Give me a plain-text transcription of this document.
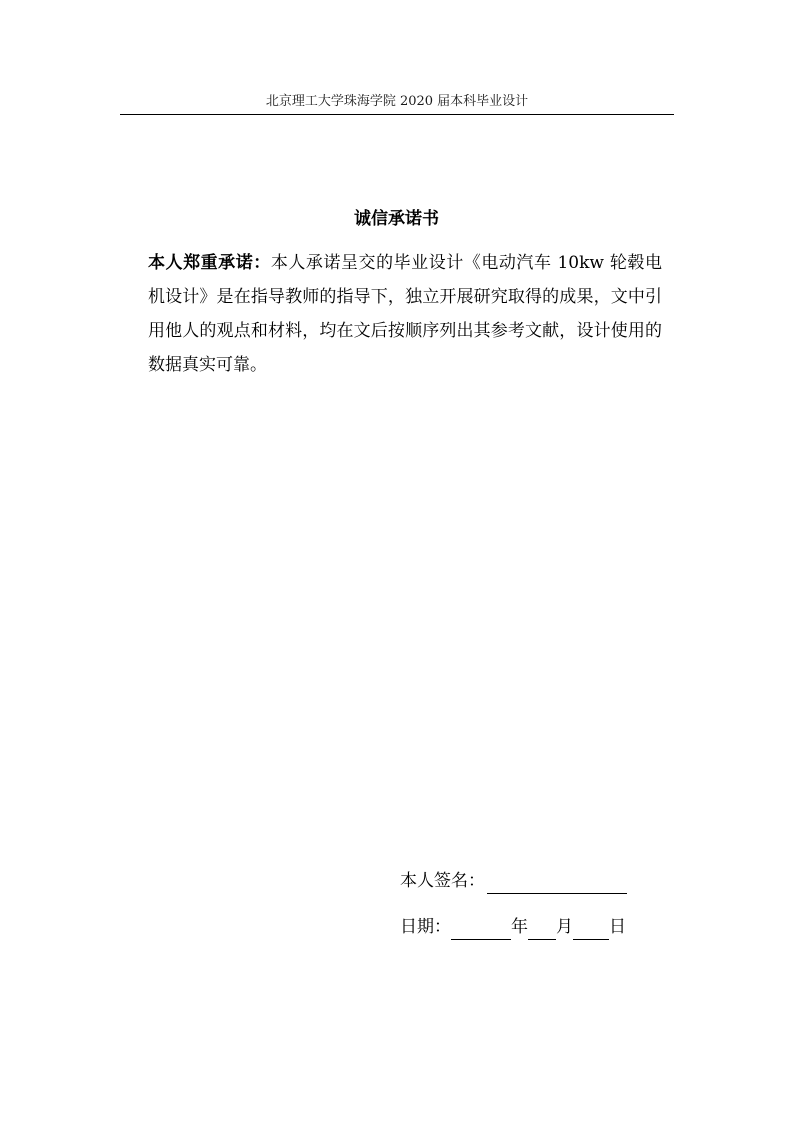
北京理工大学珠海学院 2020 届本科毕业设计
诚信承诺书

本人郑重承诺：本人承诺呈交的毕业设计《电动汽车 10kw 轮毂电机设计》是在指导教师的指导下，独立开展研究取得的成果，文中引用他人的观点和材料，均在文后按顺序列出其参考文献，设计使用的数据真实可靠。

本人签名：
日期：	年 月 日
